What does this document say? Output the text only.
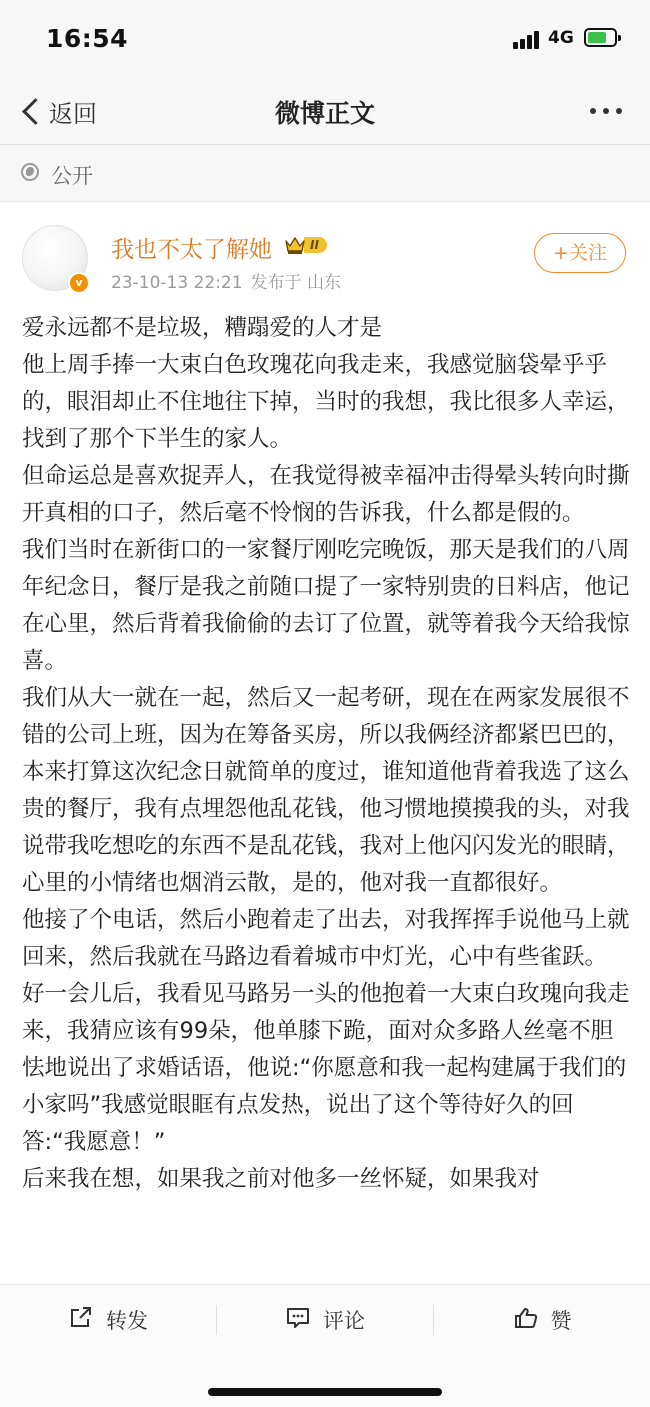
16:54	4G
返回	微博正文
公开
v
我也不太了解她	II
23-10-13 22:21 发布于 山东
+关注

爱永远都不是垃圾，糟蹋爱的人才是

他上周手捧一大束白色玫瑰花向我走来，我感觉脑袋晕乎乎的，眼泪却止不住地往下掉，当时的我想，我比很多人幸运，找到了那个下半生的家人。

但命运总是喜欢捉弄人，在我觉得被幸福冲击得晕头转向时撕开真相的口子，然后毫不怜悯的告诉我，什么都是假的。

我们当时在新街口的一家餐厅刚吃完晚饭，那天是我们的八周年纪念日，餐厅是我之前随口提了一家特别贵的日料店，他记在心里，然后背着我偷偷的去订了位置，就等着我今天给我惊喜。

我们从大一就在一起，然后又一起考研，现在在两家发展很不错的公司上班，因为在筹备买房，所以我俩经济都紧巴巴的，本来打算这次纪念日就简单的度过，谁知道他背着我选了这么贵的餐厅，我有点埋怨他乱花钱，他习惯地摸摸我的头，对我说带我吃想吃的东西不是乱花钱，我对上他闪闪发光的眼睛，心里的小情绪也烟消云散，是的，他对我一直都很好。

他接了个电话，然后小跑着走了出去，对我挥挥手说他马上就回来，然后我就在马路边看着城市中灯光，心中有些雀跃。

好一会儿后，我看见马路另一头的他抱着一大束白玫瑰向我走来，我猜应该有99朵，他单膝下跪，面对众多路人丝毫不胆怯地说出了求婚话语，他说:“你愿意和我一起构建属于我们的小家吗”我感觉眼眶有点发热，说出了这个等待好久的回答:“我愿意！”

后来我在想，如果我之前对他多一丝怀疑，如果我对

转发	评论	赞
